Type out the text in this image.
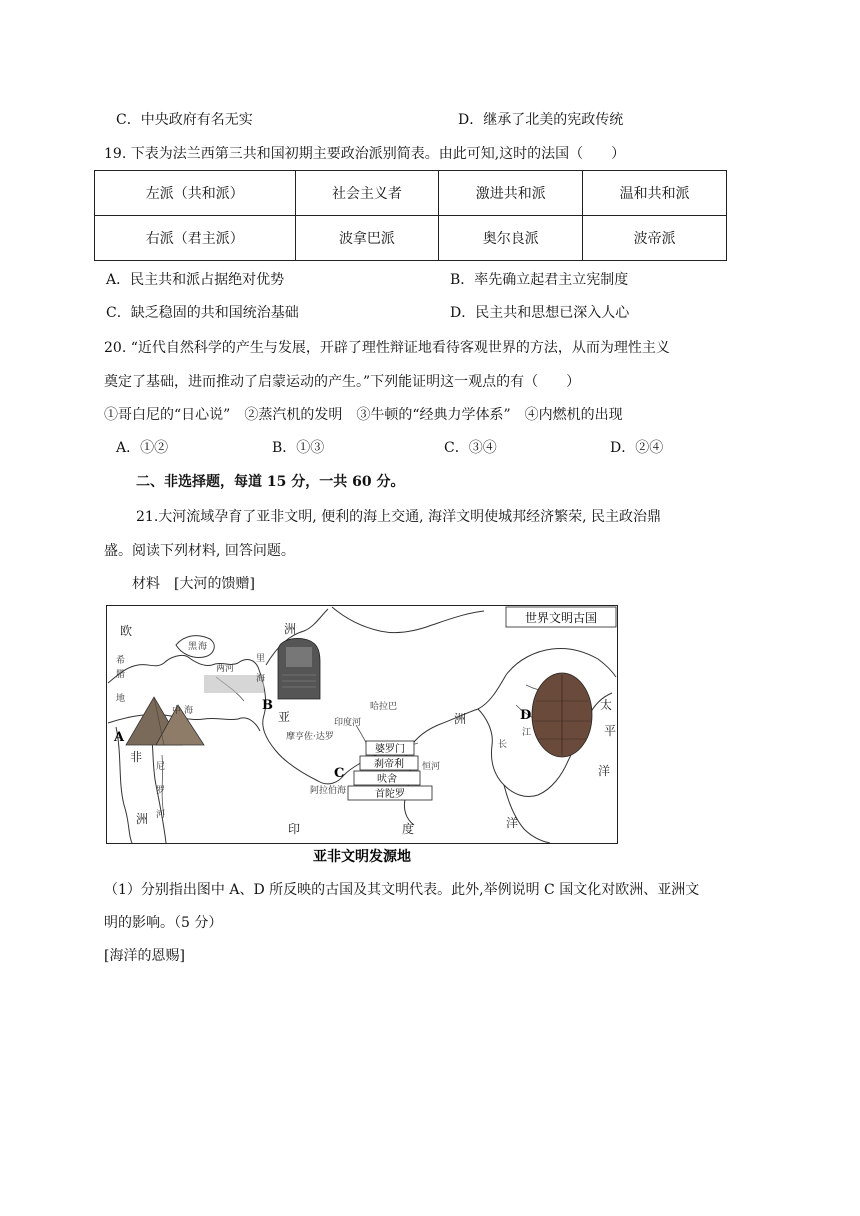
C．中央政府有名无实	D．继承了北美的宪政传统
19. 下表为法兰西第三共和国初期主要政治派别简表。由此可知,这时的法国（　　）
左派（共和派）	社会主义者	激进共和派	温和共和派
右派（君主派）	波拿巴派	奥尔良派	波帝派
A．民主共和派占据绝对优势	B．率先确立起君主立宪制度
C．缺乏稳固的共和国统治基础	D．民主共和思想已深入人心
20. “近代自然科学的产生与发展，开辟了理性辩证地看待客观世界的方法，从而为理性主义
奠定了基础，进而推动了启蒙运动的产生。”下列能证明这一观点的有（　　）
①哥白尼的“日心说”　②蒸汽机的发明　③牛顿的“经典力学体系”　④内燃机的出现
A．①②	B．①③	C．③④	D．②④
二、非选择题，每道 15 分，一共 60 分。
21.大河流域孕育了亚非文明, 便利的海上交通, 海洋文明使城邦经济繁荣, 民主政治鼎
盛。阅读下列材料, 回答问题。
材料　[大河的馈赠]
婆罗门
刹帝利
吠舍
首陀罗
世界文明古国
A
B
C
D
欧	洲
亚	洲
非
洲
太
平
洋
印	度	洋
希
腊
地
中 海
黑 海
里
海
尼
罗
河
阿拉伯海
长
江
恒河
哈拉巴
摩亨佐·达罗
印度河
两河
亚非文明发源地
（1）分别指出图中 A、D 所反映的古国及其文明代表。此外,举例说明 C 国文化对欧洲、亚洲文
明的影响。（5 分）
[海洋的恩赐]
